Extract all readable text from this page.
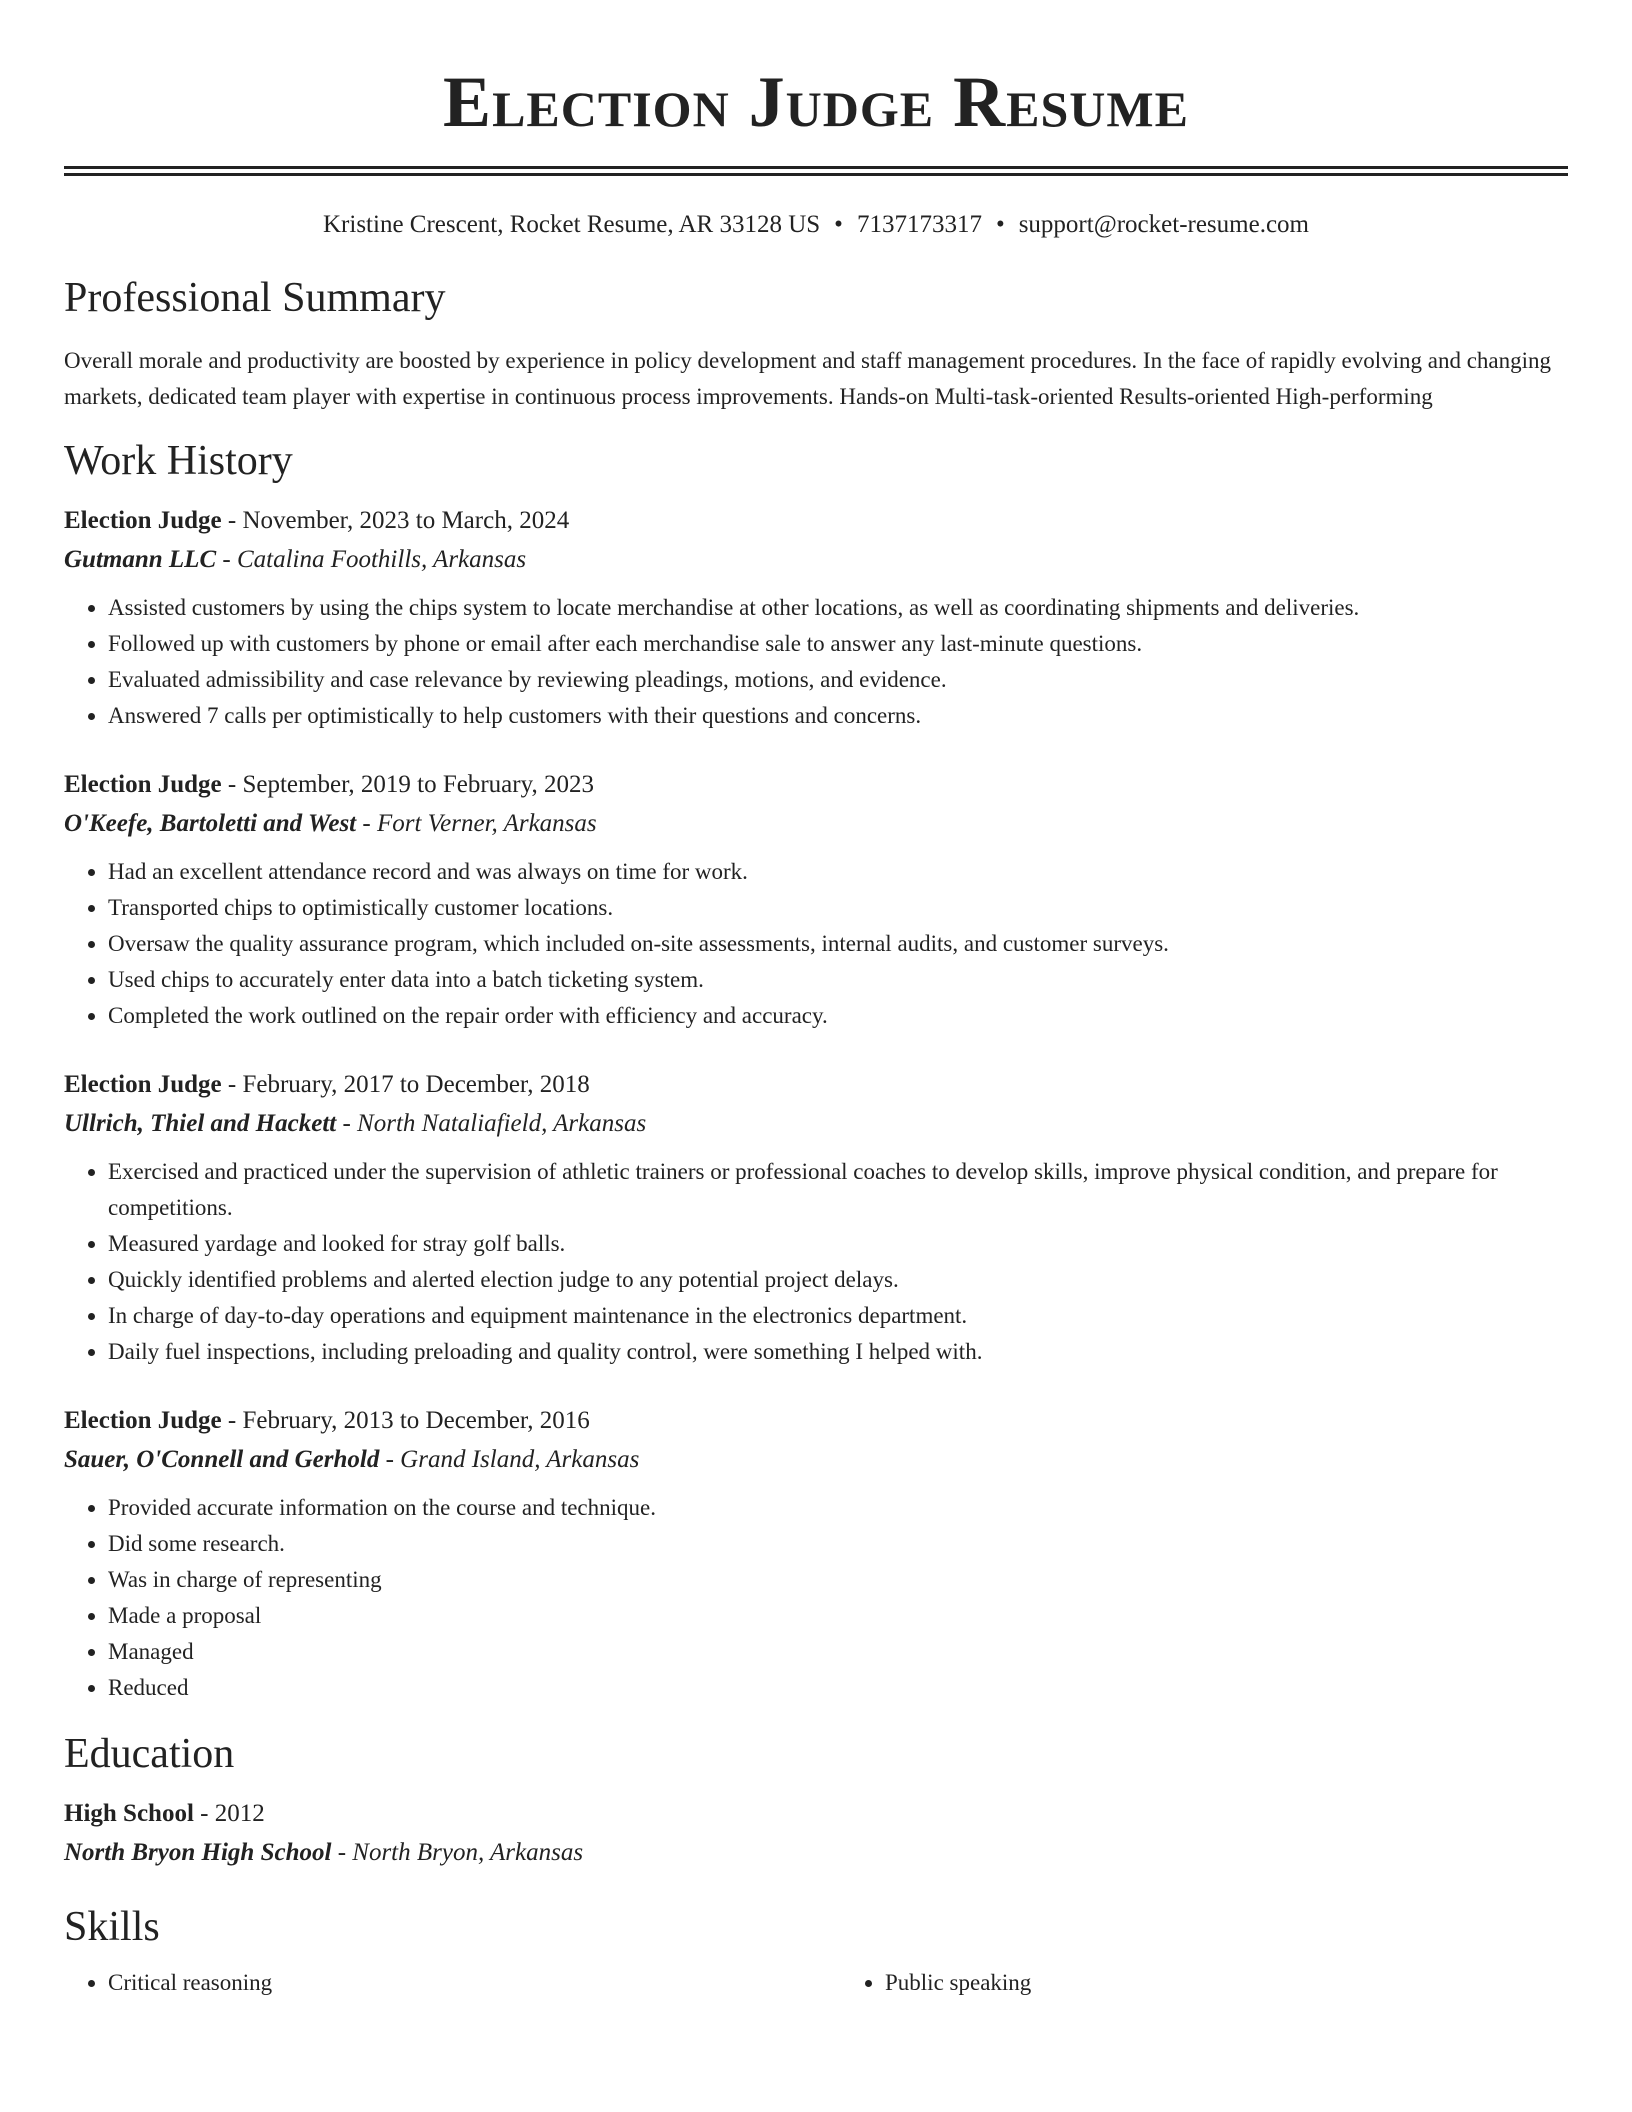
Election Judge Resume
Kristine Crescent, Rocket Resume, AR 33128 US • 7137173317 • support@rocket-resume.com
Professional Summary

Overall morale and productivity are boosted by experience in policy development and staff management procedures. In the face of rapidly evolving and changing markets, dedicated team player with expertise in continuous process improvements. Hands-on Multi-task-oriented Results-oriented High-performing

Work History
Election Judge - November, 2023 to March, 2024
Gutmann LLC - Catalina Foothills, Arkansas
• Assisted customers by using the chips system to locate merchandise at other locations, as well as coordinating shipments and deliveries.
• Followed up with customers by phone or email after each merchandise sale to answer any last-minute questions.
• Evaluated admissibility and case relevance by reviewing pleadings, motions, and evidence.
• Answered 7 calls per optimistically to help customers with their questions and concerns.
Election Judge - September, 2019 to February, 2023
O'Keefe, Bartoletti and West - Fort Verner, Arkansas
• Had an excellent attendance record and was always on time for work.
• Transported chips to optimistically customer locations.
• Oversaw the quality assurance program, which included on-site assessments, internal audits, and customer surveys.
• Used chips to accurately enter data into a batch ticketing system.
• Completed the work outlined on the repair order with efficiency and accuracy.
Election Judge - February, 2017 to December, 2018
Ullrich, Thiel and Hackett - North Nataliafield, Arkansas
• Exercised and practiced under the supervision of athletic trainers or professional coaches to develop skills, improve physical condition, and prepare for competitions.
• Measured yardage and looked for stray golf balls.
• Quickly identified problems and alerted election judge to any potential project delays.
• In charge of day-to-day operations and equipment maintenance in the electronics department.
• Daily fuel inspections, including preloading and quality control, were something I helped with.
Election Judge - February, 2013 to December, 2016
Sauer, O'Connell and Gerhold - Grand Island, Arkansas
• Provided accurate information on the course and technique.
• Did some research.
• Was in charge of representing
• Made a proposal
• Managed
• Reduced
Education
High School - 2012
North Bryon High School - North Bryon, Arkansas
Skills
• Critical reasoning
•	Public speaking
